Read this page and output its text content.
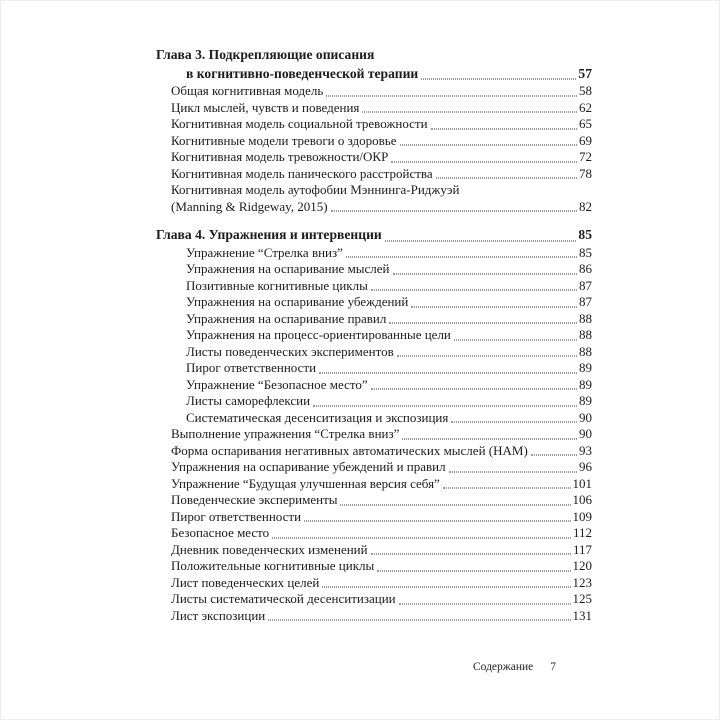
Глава 3. Подкрепляющие описания
в когнитивно-поведенческой терапии	57
Общая когнитивная модель	58
Цикл мыслей, чувств и поведения	62
Когнитивная модель социальной тревожности	65
Когнитивные модели тревоги о здоровье	69
Когнитивная модель тревожности/ОКР	72
Когнитивная модель панического расстройства	78
Когнитивная модель аутофобии Мэннинга-Риджуэй
(Manning & Ridgeway, 2015)	82
Глава 4. Упражнения и интервенции	85
Упражнение “Стрелка вниз”	85
Упражнения на оспаривание мыслей	86
Позитивные когнитивные циклы	87
Упражнения на оспаривание убеждений	87
Упражнения на оспаривание правил	88
Упражнения на процесс-ориентированные цели	88
Листы поведенческих экспериментов	88
Пирог ответственности	89
Упражнение “Безопасное место”	89
Листы саморефлексии	89
Систематическая десенситизация и экспозиция	90
Выполнение упражнения “Стрелка вниз”	90
Форма оспаривания негативных автоматических мыслей (НАМ)	93
Упражнения на оспаривание убеждений и правил	96
Упражнение “Будущая улучшенная версия себя”	101
Поведенческие эксперименты	106
Пирог ответственности	109
Безопасное место	112
Дневник поведенческих изменений	117
Положительные когнитивные циклы	120
Лист поведенческих целей	123
Листы систематической десенситизации	125
Лист экспозиции	131
Содержание 7
